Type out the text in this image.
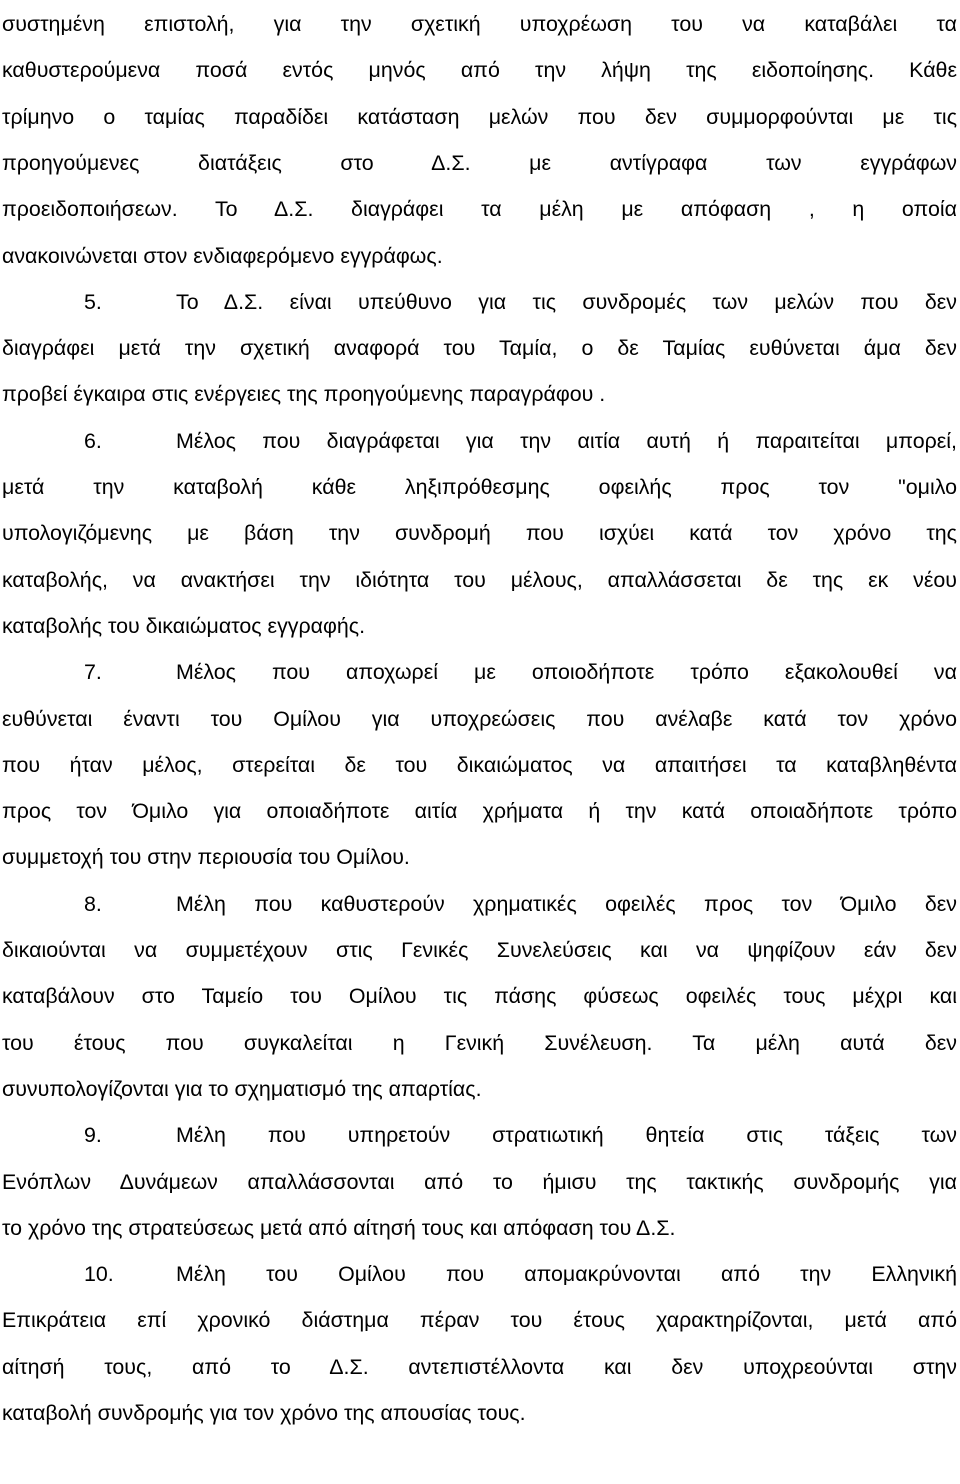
συστημένη επιστολή, για την σχετική υποχρέωση του να καταβάλει τα
καθυστερούμενα ποσά εντός μηνός από την λήψη της ειδοποίησης. Κάθε
τρίμηνο ο ταμίας παραδίδει κατάσταση μελών που δεν συμμορφούνται με τις
προηγούμενες διατάξεις στο Δ.Σ. με αντίγραφα των εγγράφων
προειδοποιήσεων. Το Δ.Σ. διαγράφει τα μέλη με απόφαση , η οποία
ανακοινώνεται στον ενδιαφερόμενο εγγράφως.
5.	Το Δ.Σ. είναι υπεύθυνο για τις συνδρομές των μελών που δεν
διαγράφει μετά την σχετική αναφορά του Ταμία, ο δε Ταμίας ευθύνεται άμα δεν
προβεί έγκαιρα στις ενέργειες της προηγούμενης παραγράφου .
6.	Μέλος που διαγράφεται για την αιτία αυτή ή παραιτείται μπορεί,
μετά την καταβολή κάθε ληξιπρόθεσμης οφειλής προς τον "ομιλο
υπολογιζόμενης με βάση την συνδρομή που ισχύει κατά τον χρόνο της
καταβολής, να ανακτήσει την ιδιότητα του μέλους, απαλλάσσεται δε της εκ νέου
καταβολής του δικαιώματος εγγραφής.
7.	Μέλος που αποχωρεί με οποιοδήποτε τρόπο εξακολουθεί να
ευθύνεται έναντι του Ομίλου για υποχρεώσεις που ανέλαβε κατά τον χρόνο
που ήταν μέλος, στερείται δε του δικαιώματος να απαιτήσει τα καταβληθέντα
προς τον Όμιλο για οποιαδήποτε αιτία χρήματα ή την κατά οποιαδήποτε τρόπο
συμμετοχή του στην περιουσία του Ομίλου.
8.	Μέλη που καθυστερούν χρηματικές οφειλές προς τον Όμιλο δεν
δικαιούνται να συμμετέχουν στις Γενικές Συνελεύσεις και να ψηφίζουν εάν δεν
καταβάλουν στο Ταμείο του Ομίλου τις πάσης φύσεως οφειλές τους μέχρι και
του έτους που συγκαλείται η Γενική Συνέλευση. Τα μέλη αυτά δεν
συνυπολογίζονται για το σχηματισμό της απαρτίας.
9.	Μέλη που υπηρετούν στρατιωτική θητεία στις τάξεις των
Ενόπλων Δυνάμεων απαλλάσσονται από το ήμισυ της τακτικής συνδρομής για
το χρόνο της στρατεύσεως μετά από αίτησή τους και απόφαση του Δ.Σ.
10.	Μέλη του Ομίλου που απομακρύνονται από την Ελληνική
Επικράτεια επί χρονικό διάστημα πέραν του έτους χαρακτηρίζονται, μετά από
αίτησή τους, από το Δ.Σ. αντεπιστέλλοντα και δεν υποχρεούνται στην
καταβολή συνδρομής για τον χρόνο της απουσίας τους.
